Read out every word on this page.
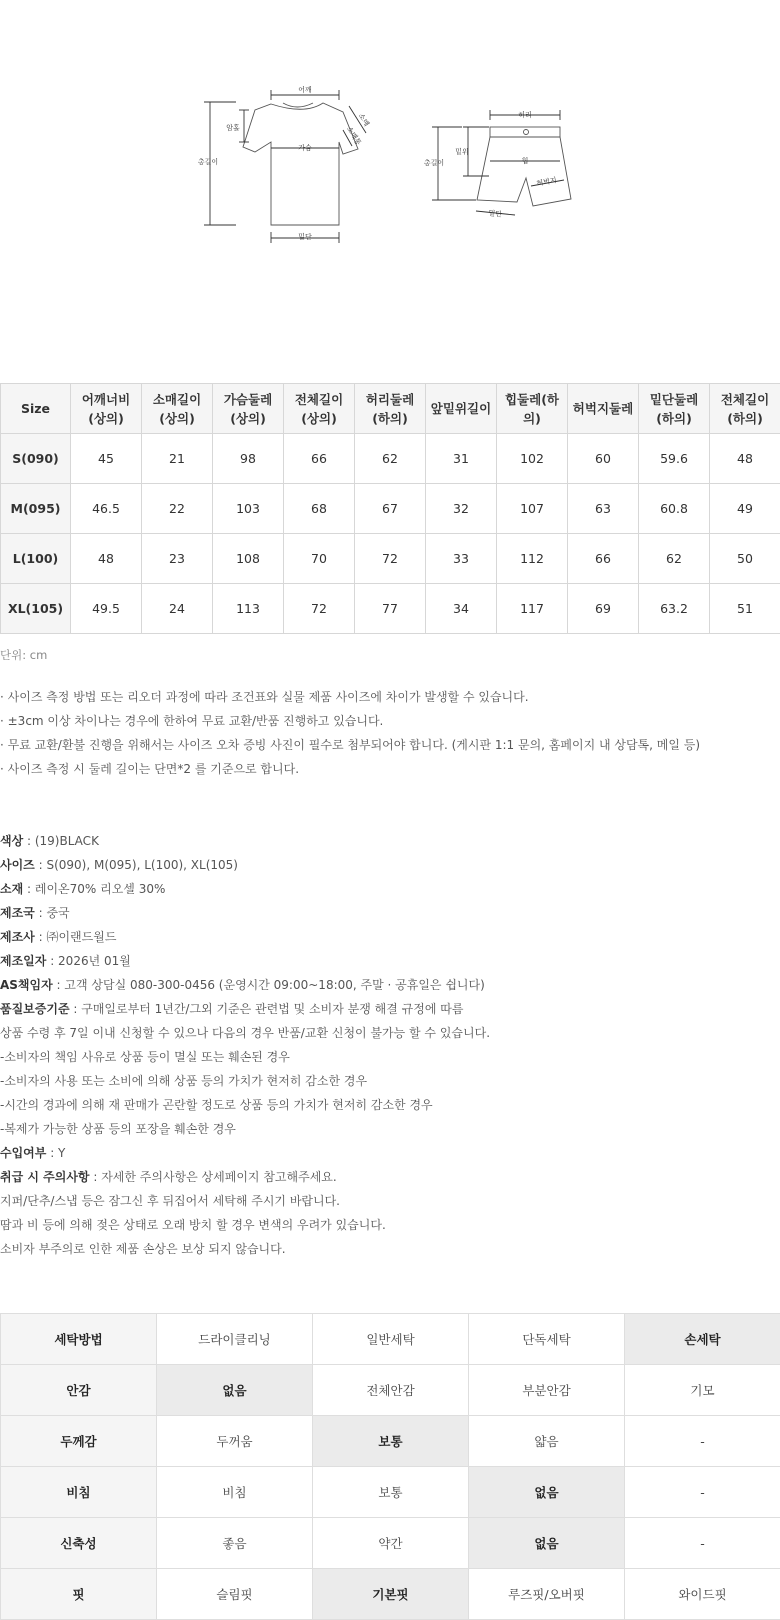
어깨
소매
소매통
암홀
가슴
총길이
밑단
허리
밑위
총길이	힙
허벅지
밑단
Size	어깨너비(상의)	소매길이(상의)	가슴둘레(상의)	전체길이(상의)	허리둘레(하의)	앞밑위길이	힙둘레(하의)	허벅지둘레	밑단둘레(하의)	전체길이(하의)
S(090)	45	21	98	66	62	31	102	60	59.6	48
M(095)	46.5	22	103	68	67	32	107	63	60.8	49
L(100)	48	23	108	70	72	33	112	66	62	50
XL(105)	49.5	24	113	72	77	34	117	69	63.2	51
단위: cm
· 사이즈 측정 방법 또는 리오더 과정에 따라 조건표와 실물 제품 사이즈에 차이가 발생할 수 있습니다.
· ±3cm 이상 차이나는 경우에 한하여 무료 교환/반품 진행하고 있습니다.
· 무료 교환/환불 진행을 위해서는 사이즈 오차 증빙 사진이 필수로 첨부되어야 합니다. (게시판 1:1 문의, 홈페이지 내 상담톡, 메일 등)
· 사이즈 측정 시 둘레 길이는 단면*2 를 기준으로 합니다.
색상 : (19)BLACK
사이즈 : S(090), M(095), L(100), XL(105)
소재 : 레이온70% 리오셀 30%
제조국 : 중국
제조사 : ㈜이랜드월드
제조일자 : 2026년 01월
AS책임자 : 고객 상담실 080-300-0456 (운영시간 09:00~18:00, 주말 · 공휴일은 쉽니다)
품질보증기준 : 구매일로부터 1년간/그외 기준은 관련법 및 소비자 분쟁 해결 규정에 따름
상품 수령 후 7일 이내 신청할 수 있으나 다음의 경우 반품/교환 신청이 불가능 할 수 있습니다.
-소비자의 책임 사유로 상품 등이 멸실 또는 훼손된 경우
-소비자의 사용 또는 소비에 의해 상품 등의 가치가 현저히 감소한 경우
-시간의 경과에 의해 재 판매가 곤란할 정도로 상품 등의 가치가 현저히 감소한 경우
-복제가 가능한 상품 등의 포장을 훼손한 경우
수입여부 : Y
취급 시 주의사항 : 자세한 주의사항은 상세페이지 참고해주세요.
지퍼/단추/스냅 등은 잠그신 후 뒤집어서 세탁해 주시기 바랍니다.
땀과 비 등에 의해 젖은 상태로 오래 방치 할 경우 변색의 우려가 있습니다.
소비자 부주의로 인한 제품 손상은 보상 되지 않습니다.
세탁방법	드라이클리닝	일반세탁	단독세탁	손세탁
안감	없음	전체안감	부분안감	기모
두께감	두꺼움	보통	얇음	-
비침	비침	보통	없음	-
신축성	좋음	약간	없음	-
핏	슬림핏	기본핏	루즈핏/오버핏	와이드핏
